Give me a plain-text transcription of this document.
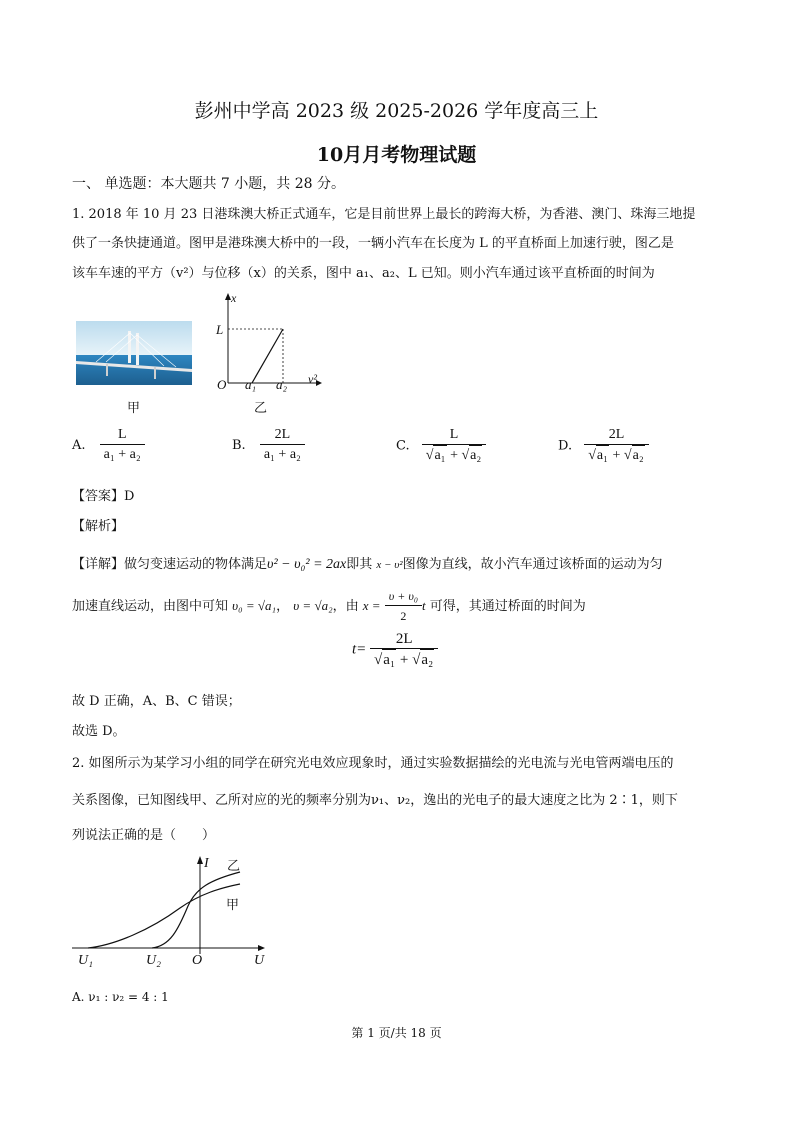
彭州中学高 2023 级 2025-2026 学年度高三上
10月月考物理试题
一、 单选题：本大题共 7 小题，共 28 分。
1. 2018 年 10 月 23 日港珠澳大桥正式通车，它是目前世界上最长的跨海大桥，为香港、澳门、珠海三地提
供了一条快捷通道。图甲是港珠澳大桥中的一段，一辆小汽车在长度为 L 的平直桥面上加速行驶，图乙是
该车车速的平方（v²）与位移（x）的关系，图中 a₁、a₂、L 已知。则小汽车通过该平直桥面的时间为
甲
x
L
O a₁ a₂ v²
乙
A. $\frac{L}{\text{a₁ + a₂}}$	B. $\frac{2L}{\text{a₁ + a₂}}$	C. $\frac{L}{\text{√a₁ + √a₂}}$	D. $\frac{2L}{\text{√a₁ + √a₂}}$
【答案】D
【解析】
【详解】做匀变速运动的物体满足υ² − υ₀² = 2ax即其 x − υ²图像为直线，故小汽车通过该桥面的运动为匀
加速直线运动，由图中可知 υ₀ = √a₁， υ = √a₂，由 $x = \frac{\text{υ + υ₀}}{2}$ t 可得，其通过桥面的时间为
$t= \frac{2L}{\text{√a₁ + √a₂}}$
故 D 正确，A、B、C 错误；
故选 D。
2. 如图所示为某学习小组的同学在研究光电效应现象时，通过实验数据描绘的光电流与光电管两端电压的
关系图像，已知图线甲、乙所对应的光的频率分别为ν₁、ν₂，逸出的光电子的最大速度之比为 2∶1，则下
列说法正确的是（　　）
I 乙
甲
U₁	U₂ O	U
A. ν₁ : ν₂ = 4 : 1
第 1 页/共 18 页
